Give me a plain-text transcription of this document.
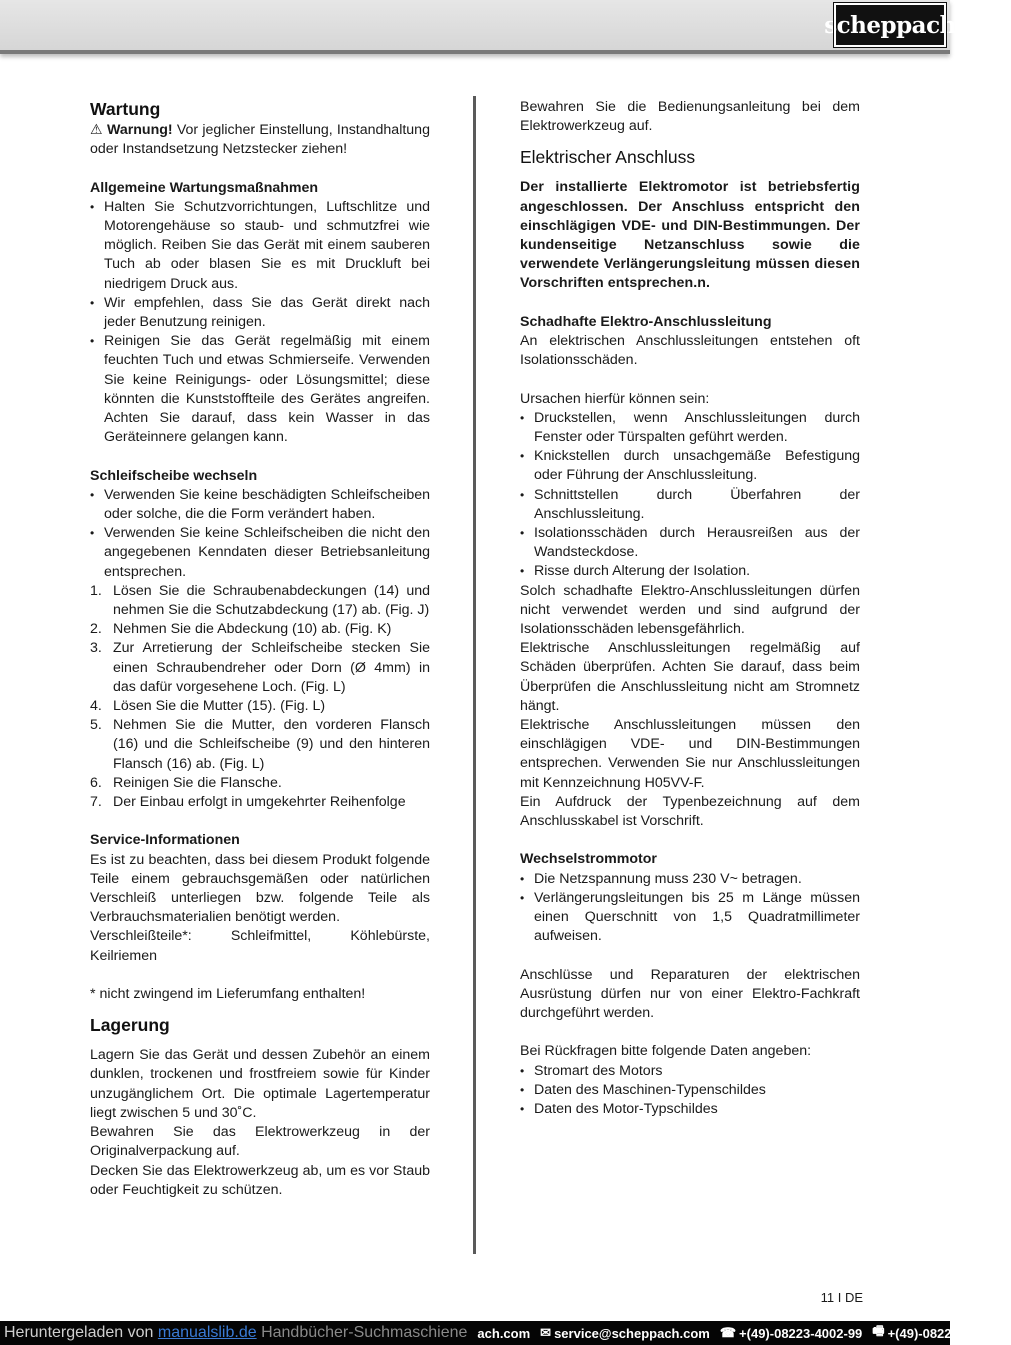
scheppach
Wartung

⚠ Warnung! Vor jeglicher Einstellung, Instandhaltung oder Instandsetzung Netzstecker ziehen!

Allgemeine Wartungsmaßnahmen
• Halten Sie Schutzvorrichtungen, Luftschlitze und Motorengehäuse so staub- und schmutzfrei wie möglich. Reiben Sie das Gerät mit einem sauberen Tuch ab oder blasen Sie es mit Druckluft bei niedrigem Druck aus.
• Wir empfehlen, dass Sie das Gerät direkt nach jeder Benutzung reinigen.
• Reinigen Sie das Gerät regelmäßig mit einem feuchten Tuch und etwas Schmierseife. Verwenden Sie keine Reinigungs- oder Lösungsmittel; diese könnten die Kunststoffteile des Gerätes angreifen. Achten Sie darauf, dass kein Wasser in das Geräteinnere gelangen kann.
Schleifscheibe wechseln
• Verwenden Sie keine beschädigten Schleifscheiben oder solche, die die Form verändert haben.
• Verwenden Sie keine Schleifscheiben die nicht den angegebenen Kenndaten dieser Betriebsanleitung entsprechen.
1. Lösen Sie die Schraubenabdeckungen (14) und nehmen Sie die Schutzabdeckung (17) ab. (Fig. J)
2. Nehmen Sie die Abdeckung (10) ab. (Fig. K)
3. Zur Arretierung der Schleifscheibe stecken Sie einen Schraubendreher oder Dorn (Ø 4mm) in das dafür vorgesehene Loch. (Fig. L)
4. Lösen Sie die Mutter (15). (Fig. L)
5. Nehmen Sie die Mutter, den vorderen Flansch (16) und die Schleifscheibe (9) und den hinteren Flansch (16) ab. (Fig. L)
6. Reinigen Sie die Flansche.
7. Der Einbau erfolgt in umgekehrter Reihenfolge
Service-Informationen

Es ist zu beachten, dass bei diesem Produkt folgende Teile einem gebrauchsgemäßen oder natürlichen Verschleiß unterliegen bzw. folgende Teile als Verbrauchsmaterialien benötigt werden.

Verschleißteile*: Schleifmittel, Köhlebürste, Keilriemen

* nicht zwingend im Lieferumfang enthalten!

Lagerung

Lagern Sie das Gerät und dessen Zubehör an einem dunklen, trockenen und frostfreiem sowie für Kinder unzugänglichem Ort. Die optimale Lagertemperatur liegt zwischen 5 und 30˚C.

Bewahren Sie das Elektrowerkzeug in der Originalverpackung auf.

Decken Sie das Elektrowerkzeug ab, um es vor Staub oder Feuchtigkeit zu schützen.

Bewahren Sie die Bedienungsanleitung bei dem Elektrowerkzeug auf.

Elektrischer Anschluss

Der installierte Elektromotor ist betriebsfertig angeschlossen. Der Anschluss entspricht den einschlägigen VDE- und DIN-Bestimmungen. Der kundenseitige Netzanschluss sowie die verwendete Verlängerungsleitung müssen diesen Vorschriften entsprechen.n.

Schadhafte Elektro-Anschlussleitung

An elektrischen Anschlussleitungen entstehen oft Isolationsschäden.

Ursachen hierfür können sein:

• Druckstellen, wenn Anschlussleitungen durch Fenster oder Türspalten geführt werden.
• Knickstellen durch unsachgemäße Befestigung oder Führung der Anschlussleitung.
• Schnittstellen durch Überfahren der Anschlussleitung.
• Isolationsschäden durch Herausreißen aus der Wandsteckdose.
• Risse durch Alterung der Isolation.

Solch schadhafte Elektro-Anschlussleitungen dürfen nicht verwendet werden und sind aufgrund der Isolationsschäden lebensgefährlich.

Elektrische Anschlussleitungen regelmäßig auf Schäden überprüfen. Achten Sie darauf, dass beim Überprüfen die Anschlussleitung nicht am Stromnetz hängt.

Elektrische Anschlussleitungen müssen den einschlägigen VDE- und DIN-Bestimmungen entsprechen. Verwenden Sie nur Anschlussleitungen mit Kennzeichnung H05VV-F.

Ein Aufdruck der Typenbezeichnung auf dem Anschlusskabel ist Vorschrift.

Wechselstrommotor
• Die Netzspannung muss 230 V~ betragen.
• Verlängerungsleitungen bis 25 m Länge müssen einen Querschnitt von 1,5 Quadratmillimeter aufweisen.

Anschlüsse und Reparaturen der elektrischen Ausrüstung dürfen nur von einer Elektro-Fachkraft durchgeführt werden.

Bei Rückfragen bitte folgende Daten angeben:

• Stromart des Motors
• Daten des Maschinen-Typenschildes
• Daten des Motor-Typschildes
11 I DE
Heruntergeladen von manualslib.de Handbücher-Suchmaschiene ach.com ✉ service@scheppach.com ☎ +(49)-08223-4002-99 🖷 +(49)-08223-4002-58
